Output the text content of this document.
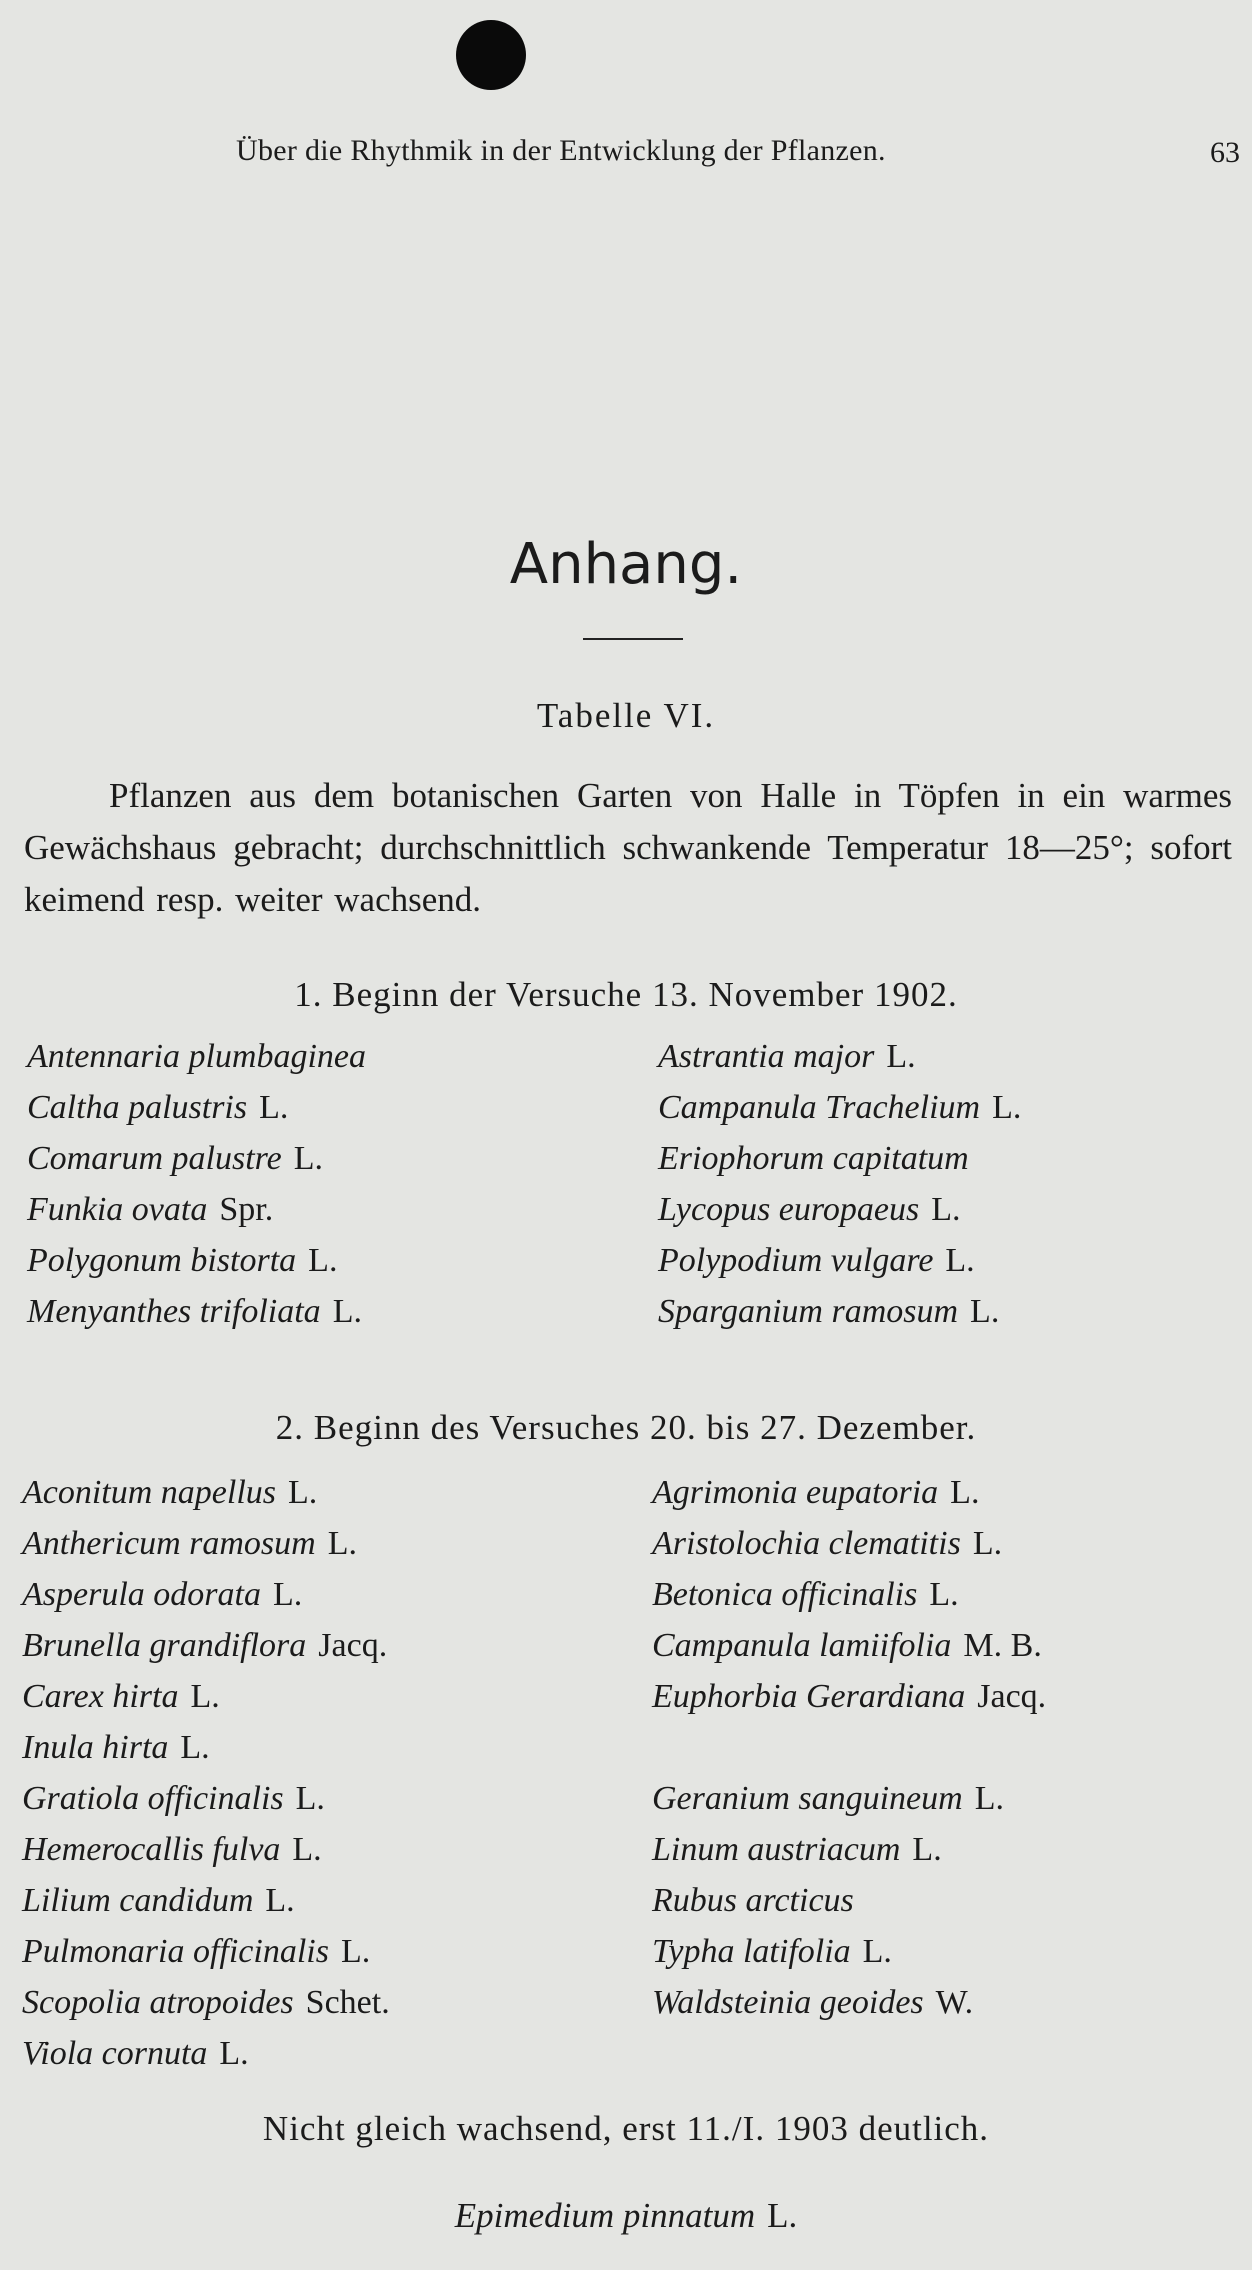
Über die Rhythmik in der Entwicklung der Pflanzen.	63
Anhang.
Tabelle VI.

Pflanzen aus dem botanischen Garten von Halle in Töpfen in ein warmes Gewächshaus gebracht; durchschnittlich schwankende Temperatur 18—25°; sofort keimend resp. weiter wachsend.

1. Beginn der Versuche 13. November 1902.
Antennaria plumbaginea
Caltha palustris L.
Comarum palustre L.
Funkia ovata Spr.
Polygonum bistorta L.
Menyanthes trifoliata L.
Astrantia major L.
Campanula Trachelium L.
Eriophorum capitatum
Lycopus europaeus L.
Polypodium vulgare L.
Sparganium ramosum L.
2. Beginn des Versuches 20. bis 27. Dezember.
Aconitum napellus L.
Anthericum ramosum L.
Asperula odorata L.
Brunella grandiflora Jacq.
Carex hirta L.
Inula hirta L.
Gratiola officinalis L.
Hemerocallis fulva L.
Lilium candidum L.
Pulmonaria officinalis L.
Scopolia atropoides Schet.
Viola cornuta L.
Agrimonia eupatoria L.
Aristolochia clematitis L.
Betonica officinalis L.
Campanula lamiifolia M. B.
Euphorbia Gerardiana Jacq.
Geranium sanguineum L.
Linum austriacum L.
Rubus arcticus
Typha latifolia L.
Waldsteinia geoides W.
Nicht gleich wachsend, erst 11./I. 1903 deutlich.
Epimedium pinnatum L.
